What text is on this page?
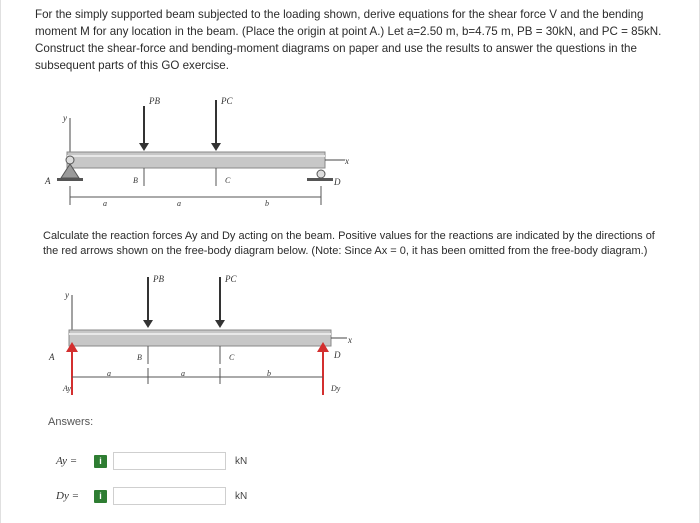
For the simply supported beam subjected to the loading shown, derive equations for the shear force V and the bending moment M for any location in the beam. (Place the origin at point A.) Let a=2.50 m, b=4.75 m, PB = 30kN, and PC = 85kN. Construct the shear-force and bending-moment diagrams on paper and use the results to answer the questions in the subsequent parts of this GO exercise.
y
x
A	D
PB	PC
B	C
a	a	b
y
x
A
Ay
D
Dy
PB	PC
B	C
a	a	b
Calculate the reaction forces Ay and Dy acting on the beam. Positive values for the reactions are indicated by the directions of the red arrows shown on the free-body diagram below. (Note: Since Ax = 0, it has been omitted from the free-body diagram.)
Answers:
Ay =	i	kN
Dy =	i	kN
